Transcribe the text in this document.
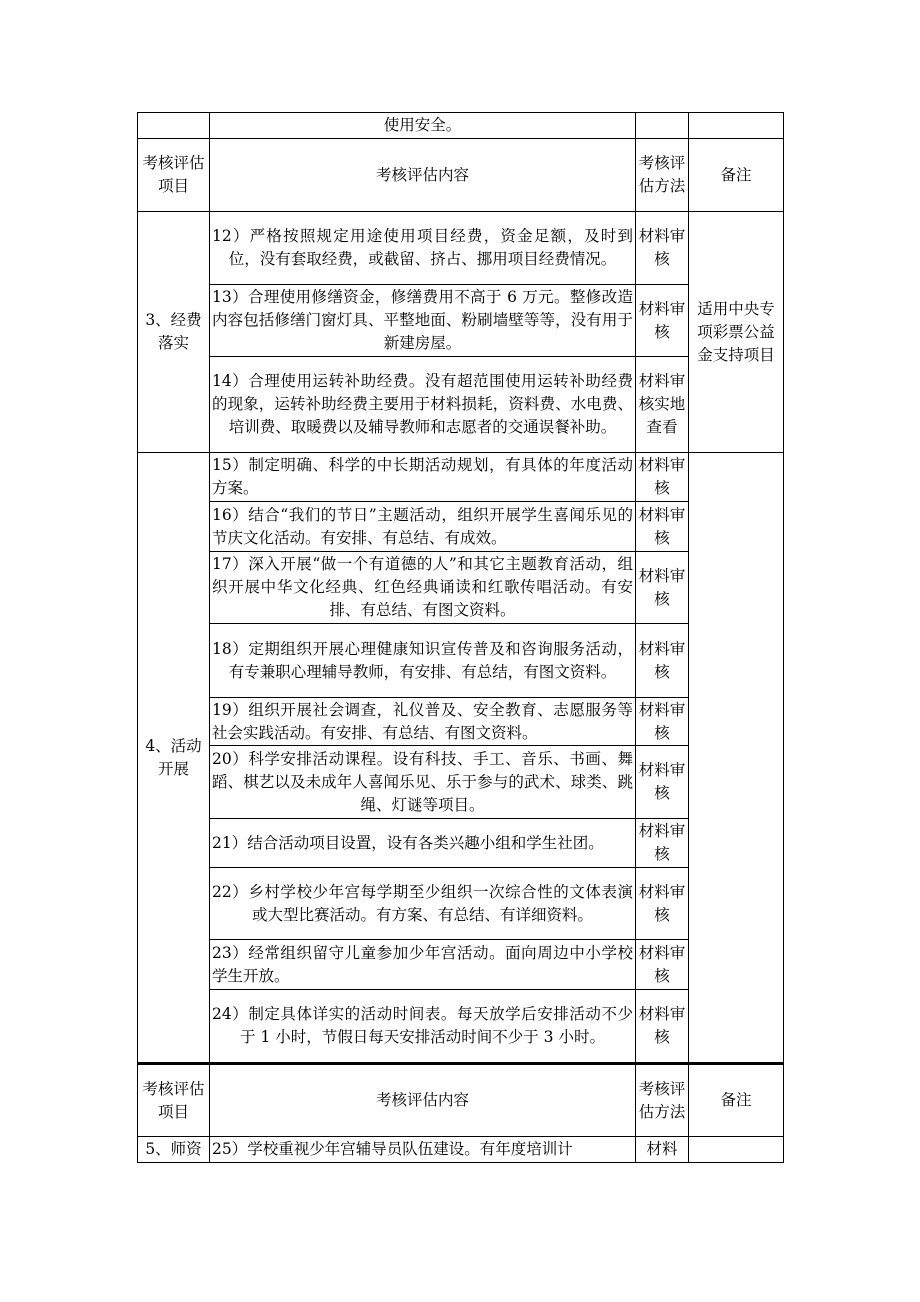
	使用安全。		
考核评估项目	考核评估内容	考核评估方法	备注
3、经费落实	12）严格按照规定用途使用项目经费，资金足额，及时到位，没有套取经费，或截留、挤占、挪用项目经费情况。	材料审核	适用中央专项彩票公益金支持项目
	13）合理使用修缮资金，修缮费用不高于 6 万元。整修改造内容包括修缮门窗灯具、平整地面、粉刷墙壁等等，没有用于新建房屋。	材料审核	
	14）合理使用运转补助经费。没有超范围使用运转补助经费的现象，运转补助经费主要用于材料损耗，资料费、水电费、培训费、取暖费以及辅导教师和志愿者的交通误餐补助。	材料审核实地查看	
4、活动开展	15）制定明确、科学的中长期活动规划，有具体的年度活动方案。	材料审核	
	16）结合“我们的节日”主题活动，组织开展学生喜闻乐见的节庆文化活动。有安排、有总结、有成效。	材料审核	
	17）深入开展“做一个有道德的人”和其它主题教育活动，组织开展中华文化经典、红色经典诵读和红歌传唱活动。有安排、有总结、有图文资料。	材料审核	
	18）定期组织开展心理健康知识宣传普及和咨询服务活动，有专兼职心理辅导教师，有安排、有总结，有图文资料。	材料审核	
	19）组织开展社会调查，礼仪普及、安全教育、志愿服务等社会实践活动。有安排、有总结、有图文资料。	材料审核	
	20）科学安排活动课程。设有科技、手工、音乐、书画、舞蹈、棋艺以及未成年人喜闻乐见、乐于参与的武术、球类、跳绳、灯谜等项目。	材料审核	
	21）结合活动项目设置，设有各类兴趣小组和学生社团。	材料审核	
	22）乡村学校少年宫每学期至少组织一次综合性的文体表演或大型比赛活动。有方案、有总结、有详细资料。	材料审核	
	23）经常组织留守儿童参加少年宫活动。面向周边中小学校学生开放。	材料审核	
	24）制定具体详实的活动时间表。每天放学后安排活动不少于 1 小时，节假日每天安排活动时间不少于 3 小时。	材料审核	
考核评估项目	考核评估内容	考核评估方法	备注
5、师资	25）学校重视少年宫辅导员队伍建设。有年度培训计	材料	
